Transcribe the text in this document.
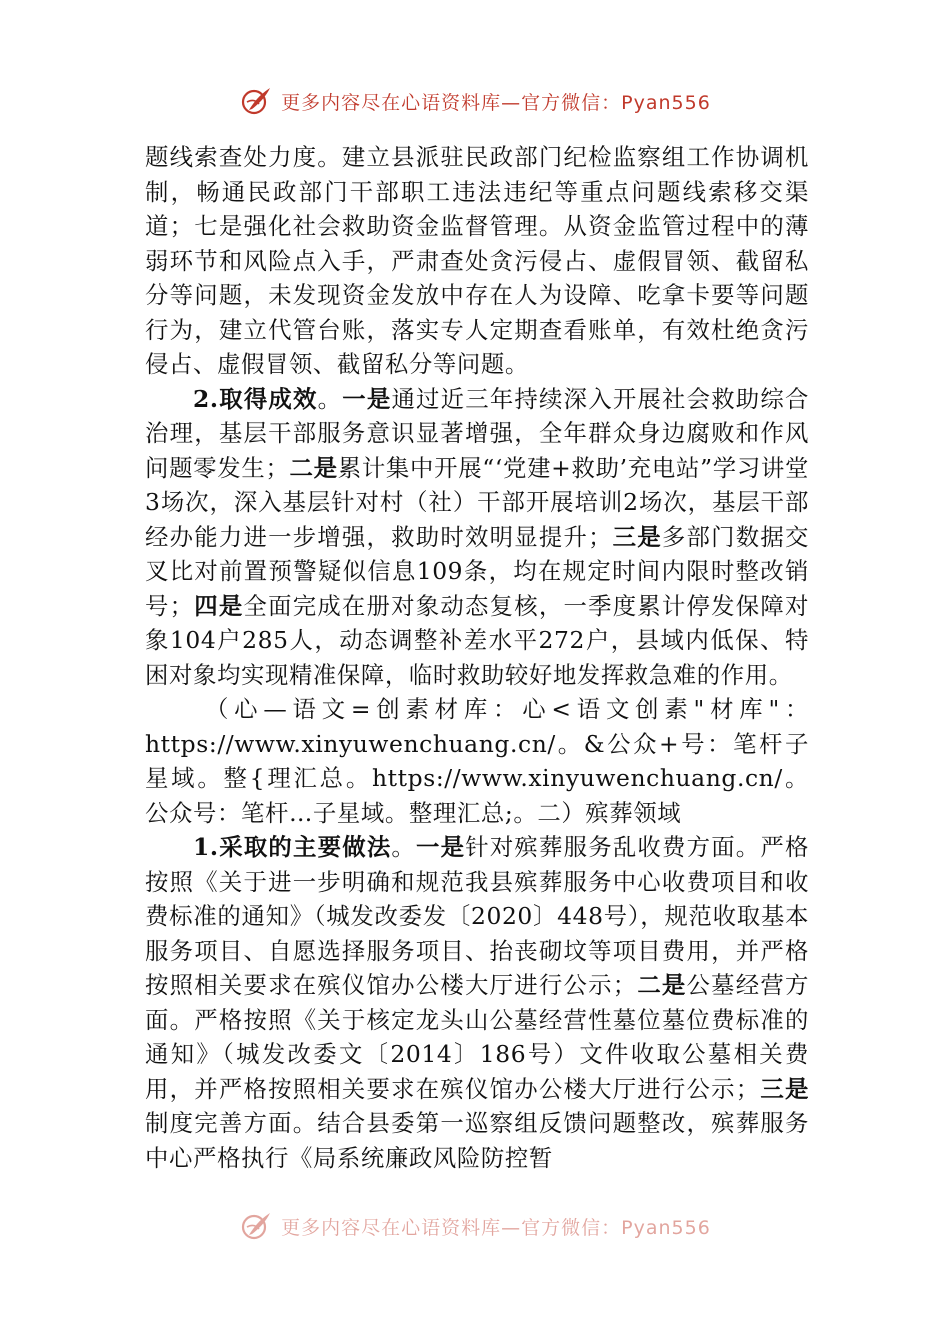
更多内容尽在心语资料库—官方微信：Pyan556

题线索查处力度。建立县派驻民政部门纪检监察组工作协调机制，畅通民政部门干部职工违法违纪等重点问题线索移交渠道；七是强化社会救助资金监督管理。从资金监管过程中的薄弱环节和风险点入手，严肃查处贪污侵占、虚假冒领、截留私分等问题，未发现资金发放中存在人为设障、吃拿卡要等问题行为，建立代管台账，落实专人定期查看账单，有效杜绝贪污侵占、虚假冒领、截留私分等问题。

2.取得成效。一是通过近三年持续深入开展社会救助综合治理，基层干部服务意识显著增强，全年群众身边腐败和作风问题零发生；二是累计集中开展“‘党建+救助’充电站”学习讲堂3场次，深入基层针对村（社）干部开展培训2场次，基层干部经办能力进一步增强，救助时效明显提升；三是多部门数据交叉比对前置预警疑似信息109条，均在规定时间内限时整改销号；四是全面完成在册对象动态复核，一季度累计停发保障对象104户285人，动态调整补差水平272户，县域内低保、特困对象均实现精准保障，临时救助较好地发挥救急难的作用。

（心—语文=创素材库：心<语文创素"材库"：https://www.xinyuwenchuang.cn/。&公众+号：笔杆子星域。整{理汇总。https://www.xinyuwenchuang.cn/。公众号：笔杆…子星域。整理汇总;。二）殡葬领域

1.采取的主要做法。一是针对殡葬服务乱收费方面。严格按照《关于进一步明确和规范我县殡葬服务中心收费项目和收费标准的通知》（城发改委发〔2020〕448号），规范收取基本服务项目、自愿选择服务项目、抬丧砌坟等项目费用，并严格按照相关要求在殡仪馆办公楼大厅进行公示；二是公墓经营方面。严格按照《关于核定龙头山公墓经营性墓位墓位费标准的通知》（城发改委文〔2014〕186号）文件收取公墓相关费用，并严格按照相关要求在殡仪馆办公楼大厅进行公示；三是制度完善方面。结合县委第一巡察组反馈问题整改，殡葬服务中心严格执行《局系统廉政风险防控暂

更多内容尽在心语资料库—官方微信：Pyan556
